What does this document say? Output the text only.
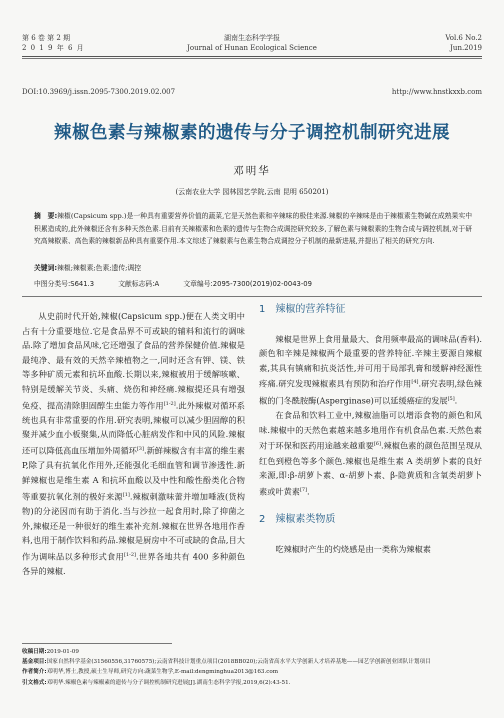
第 6 卷 第 2 期
2 0 1 9 年 6 月
湖南生态科学学报
Journal of Hunan Ecological Science
Vol.6 No.2
Jun.2019
DOI:10.3969/j.issn.2095-7300.2019.02.007	http://www.hnstkxxb.com
辣椒色素与辣椒素的遗传与分子调控机制研究进展
邓明华
(云南农业大学 园林园艺学院,云南 昆明 650201)
摘　要:辣椒(Capsicum spp.)是一种具有重要营养价值的蔬菜,它是天然色素和辛辣味的极佳来源.辣椒的辛辣味是由于辣椒素生物碱在成熟果实中积累造成的,此外辣椒还含有多种天然色素.目前有关辣椒素和色素的遗传与生物合成调控研究较多,了解色素与辣椒素的生物合成与调控机制,对于研究高辣椒素、高色素的辣椒新品种具有重要作用.本文综述了辣椒素与色素生物合成调控分子机制的最新进展,并提出了相关的研究方向.
关键词:辣椒;辣椒素;色素;遗传;调控
中图分类号:S641.3	文献标志码:A	文章编号:2095-7300(2019)02-0043-09

从史前时代开始,辣椒(Capsicum spp.)便在人类文明中占有十分重要地位.它是食品界不可或缺的辅料和流行的调味品.除了增加食品风味,它还增强了食品的营养保健价值.辣椒是最纯净、最有效的天然辛辣植物之一,同时还含有钾、镁、铁等多种矿质元素和抗坏血酸.长期以来,辣椒被用于缓解咳嗽、特别是缓解关节炎、头痛、烧伤和神经痛.辣椒提还具有增强免疫、提高清除胆固醇生虫能力等作用[1-2].此外辣椒对循环系统也具有非常重要的作用.研究表明,辣椒可以减少胆固醇的积聚并减少血小板聚集,从而降低心脏病发作和中风的风险.辣椒还可以降低高血压增加外周循环[3].新鲜辣椒含有丰富的维生素 P,除了具有抗氧化作用外,还能强化毛细血管和调节渗透性.新鲜辣椒也是维生素 A 和抗坏血酸以及中性和酸性酚类化合物等重要抗氧化剂的极好来源[1].辣椒刺激味蕾并增加唾液(货构物)的分泌因而有助于消化.当与沙拉一起食用时,除了抑菌之外,辣椒还是一种很好的维生素补充剂.辣椒在世界各地用作香料,也用于制作饮料和药品.辣椒是厨房中不可或缺的食品,目大作为调味品以多种形式食用[1-2].世界各地共有 400 多种颜色各异的辣椒.

1 辣椒的营养特征

辣椒是世界上食用量最大、食用频率最高的调味品(香料).颜色和辛辣是辣椒两个最重要的营养特征.辛辣主要源自辣椒素,其具有镇痛和抗炎活性,并可用于局部乳膏和缓解神经源性疼痛.研究发现辣椒素具有预防和治疗作用[4].研究表明,绿色辣椒的门冬酰胺酶(Asperginase)可以延缓癌症的发展[5].

在食品和饮料工业中,辣椒油脂可以增添食物的颜色和风味.辣椒中的天然色素越来越多地用作有机食品色素.天然色素对于环保和医药用途越来越重要[6].辣椒色素的颜色范围呈现从红色到橙色等多个颜色.辣椒也是维生素 A 类胡萝卜素的良好来源,即:β-胡萝卜素、α-胡萝卜素、β-隐黄质和含氧类胡萝卜素或叶黄素[7].

2 辣椒素类物质

吃辣椒时产生的灼烧感是由一类称为辣椒素

收稿日期:2019-01-09
基金项目:国家自然科学基金(31560556,31760575);云南省科技计划重点项目(2018BB020);云南省高水平大学创新人才培养基地——园艺学创新创业团队计划项目
作者简介:邓明华,博士,教授,硕士生导师,研究方向:蔬菜生物学,E-mail:dengminghua2013@163.com
引文格式:邓明华.辣椒色素与辣椒素的遗传与分子调控机制研究进展[J].湖南生态科学学报,2019,6(2):43-51.
